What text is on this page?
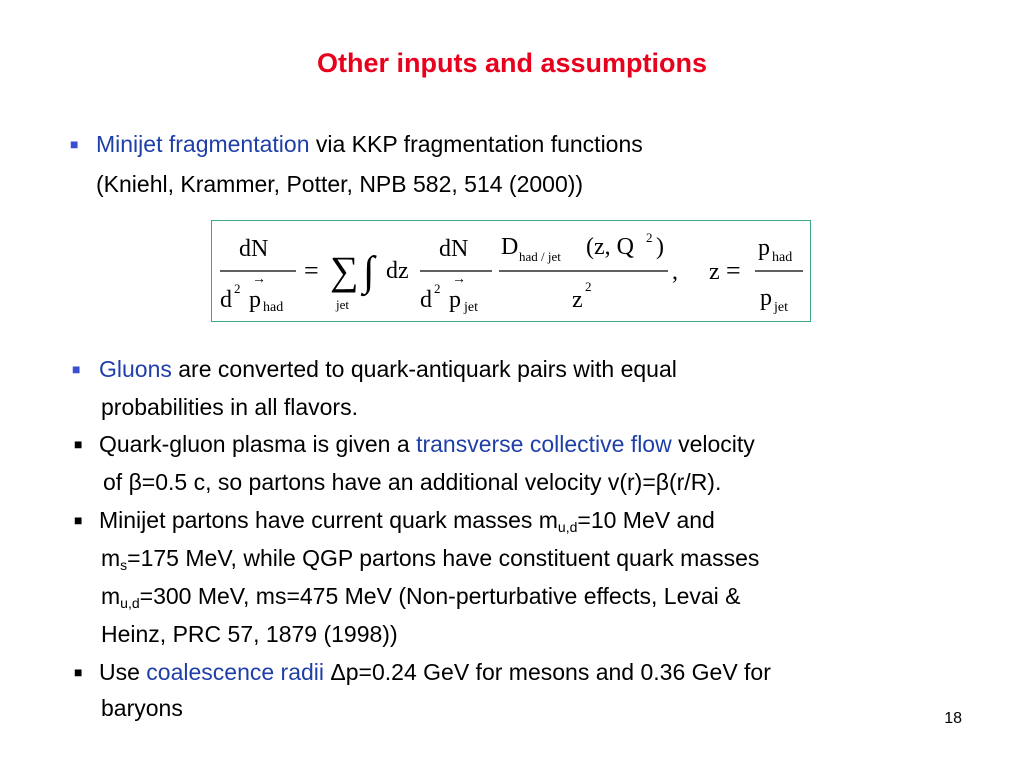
Other inputs and assumptions
■ Minijet fragmentation via KKP fragmentation functions
(Kniehl, Krammer, Potter, NPB 582, 514 (2000))
dN
d 2 p
→
had
= ∑
jet
∫ dz
dN
d 2 p
→
jet
D had / jet (z, Q 2 )
z
2
, z =
p had
p jet
■ Gluons are converted to quark-antiquark pairs with equal
probabilities in all flavors.
■ Quark-gluon plasma is given a transverse collective flow velocity
of β=0.5 c, so partons have an additional velocity v(r)=β(r/R).
■ Minijet partons have current quark masses $m_{u,d}=10$ MeV and
$m_s=175$ MeV, while QGP partons have constituent quark masses
$m_{u,d}=300$ MeV, ms=475 MeV (Non-perturbative effects, Levai &
Heinz, PRC 57, 1879 (1998))
■ Use coalescence radii Δp=0.24 GeV for mesons and 0.36 GeV for
baryons	18
